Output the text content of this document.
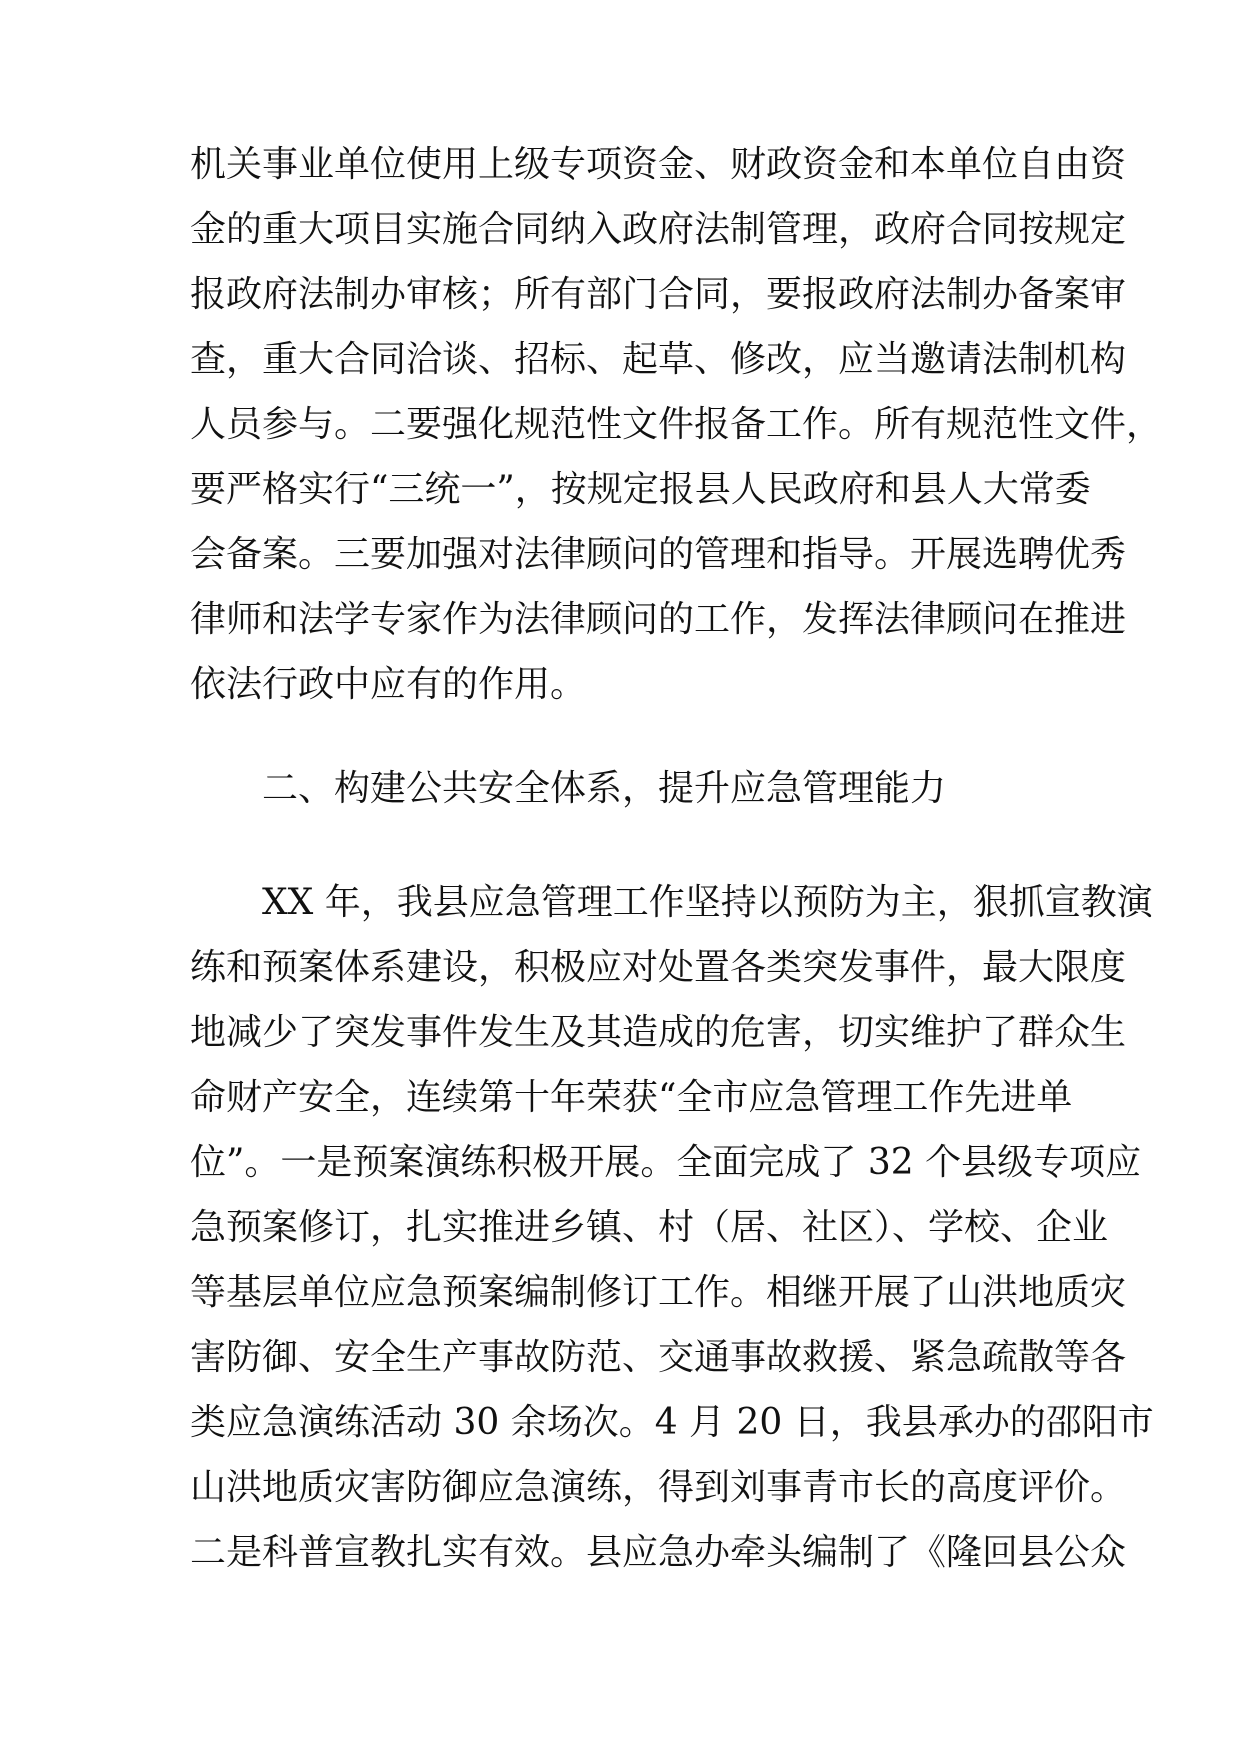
机关事业单位使用上级专项资金、财政资金和本单位自由资
金的重大项目实施合同纳入政府法制管理，政府合同按规定
报政府法制办审核；所有部门合同，要报政府法制办备案审
查，重大合同洽谈、招标、起草、修改，应当邀请法制机构
人员参与。二要强化规范性文件报备工作。所有规范性文件，
要严格实行“三统一”，按规定报县人民政府和县人大常委
会备案。三要加强对法律顾问的管理和指导。开展选聘优秀
律师和法学专家作为法律顾问的工作，发挥法律顾问在推进
依法行政中应有的作用。
二、构建公共安全体系，提升应急管理能力
XX 年，我县应急管理工作坚持以预防为主，狠抓宣教演
练和预案体系建设，积极应对处置各类突发事件，最大限度
地减少了突发事件发生及其造成的危害，切实维护了群众生
命财产安全，连续第十年荣获“全市应急管理工作先进单
位”。一是预案演练积极开展。全面完成了 32 个县级专项应
急预案修订，扎实推进乡镇、村（居、社区）、学校、企业
等基层单位应急预案编制修订工作。相继开展了山洪地质灾
害防御、安全生产事故防范、交通事故救援、紧急疏散等各
类应急演练活动 30 余场次。4 月 20 日，我县承办的邵阳市
山洪地质灾害防御应急演练，得到刘事青市长的高度评价。
二是科普宣教扎实有效。县应急办牵头编制了《隆回县公众
